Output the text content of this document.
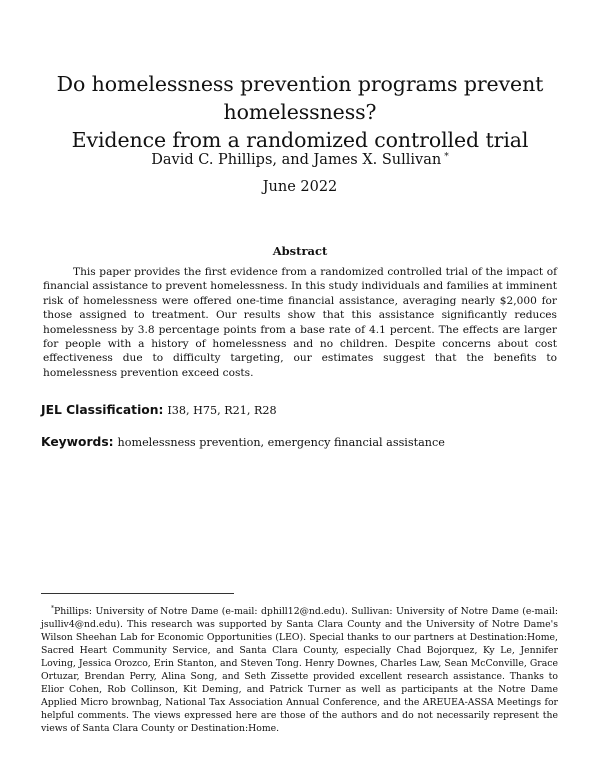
Do homelessness prevention programs prevent homelessness?
Evidence from a randomized controlled trial
David C. Phillips, and James X. Sullivan *
June 2022
Abstract

This paper provides the first evidence from a randomized controlled trial of the impact of financial assistance to prevent homelessness. In this study individuals and families at imminent risk of homelessness were offered one-time financial assistance, averaging nearly $2,000 for those assigned to treatment. Our results show that this assistance significantly reduces homelessness by 3.8 percentage points from a base rate of 4.1 percent. The effects are larger for people with a history of homelessness and no children. Despite concerns about cost effectiveness due to difficulty targeting, our estimates suggest that the benefits to homelessness prevention exceed costs.

JEL Classification: I38, H75, R21, R28
Keywords: homelessness prevention, emergency financial assistance

*Phillips: University of Notre Dame (e-mail: dphill12@nd.edu). Sullivan: University of Notre Dame (e-mail: jsulliv4@nd.edu). This research was supported by Santa Clara County and the University of Notre Dame's Wilson Sheehan Lab for Economic Opportunities (LEO). Special thanks to our partners at Destination:Home, Sacred Heart Community Service, and Santa Clara County, especially Chad Bojorquez, Ky Le, Jennifer Loving, Jessica Orozco, Erin Stanton, and Steven Tong. Henry Downes, Charles Law, Sean McConville, Grace Ortuzar, Brendan Perry, Alina Song, and Seth Zissette provided excellent research assistance. Thanks to Elior Cohen, Rob Collinson, Kit Deming, and Patrick Turner as well as participants at the Notre Dame Applied Micro brownbag, National Tax Association Annual Conference, and the AREUEA-ASSA Meetings for helpful comments. The views expressed here are those of the authors and do not necessarily represent the views of Santa Clara County or Destination:Home.
